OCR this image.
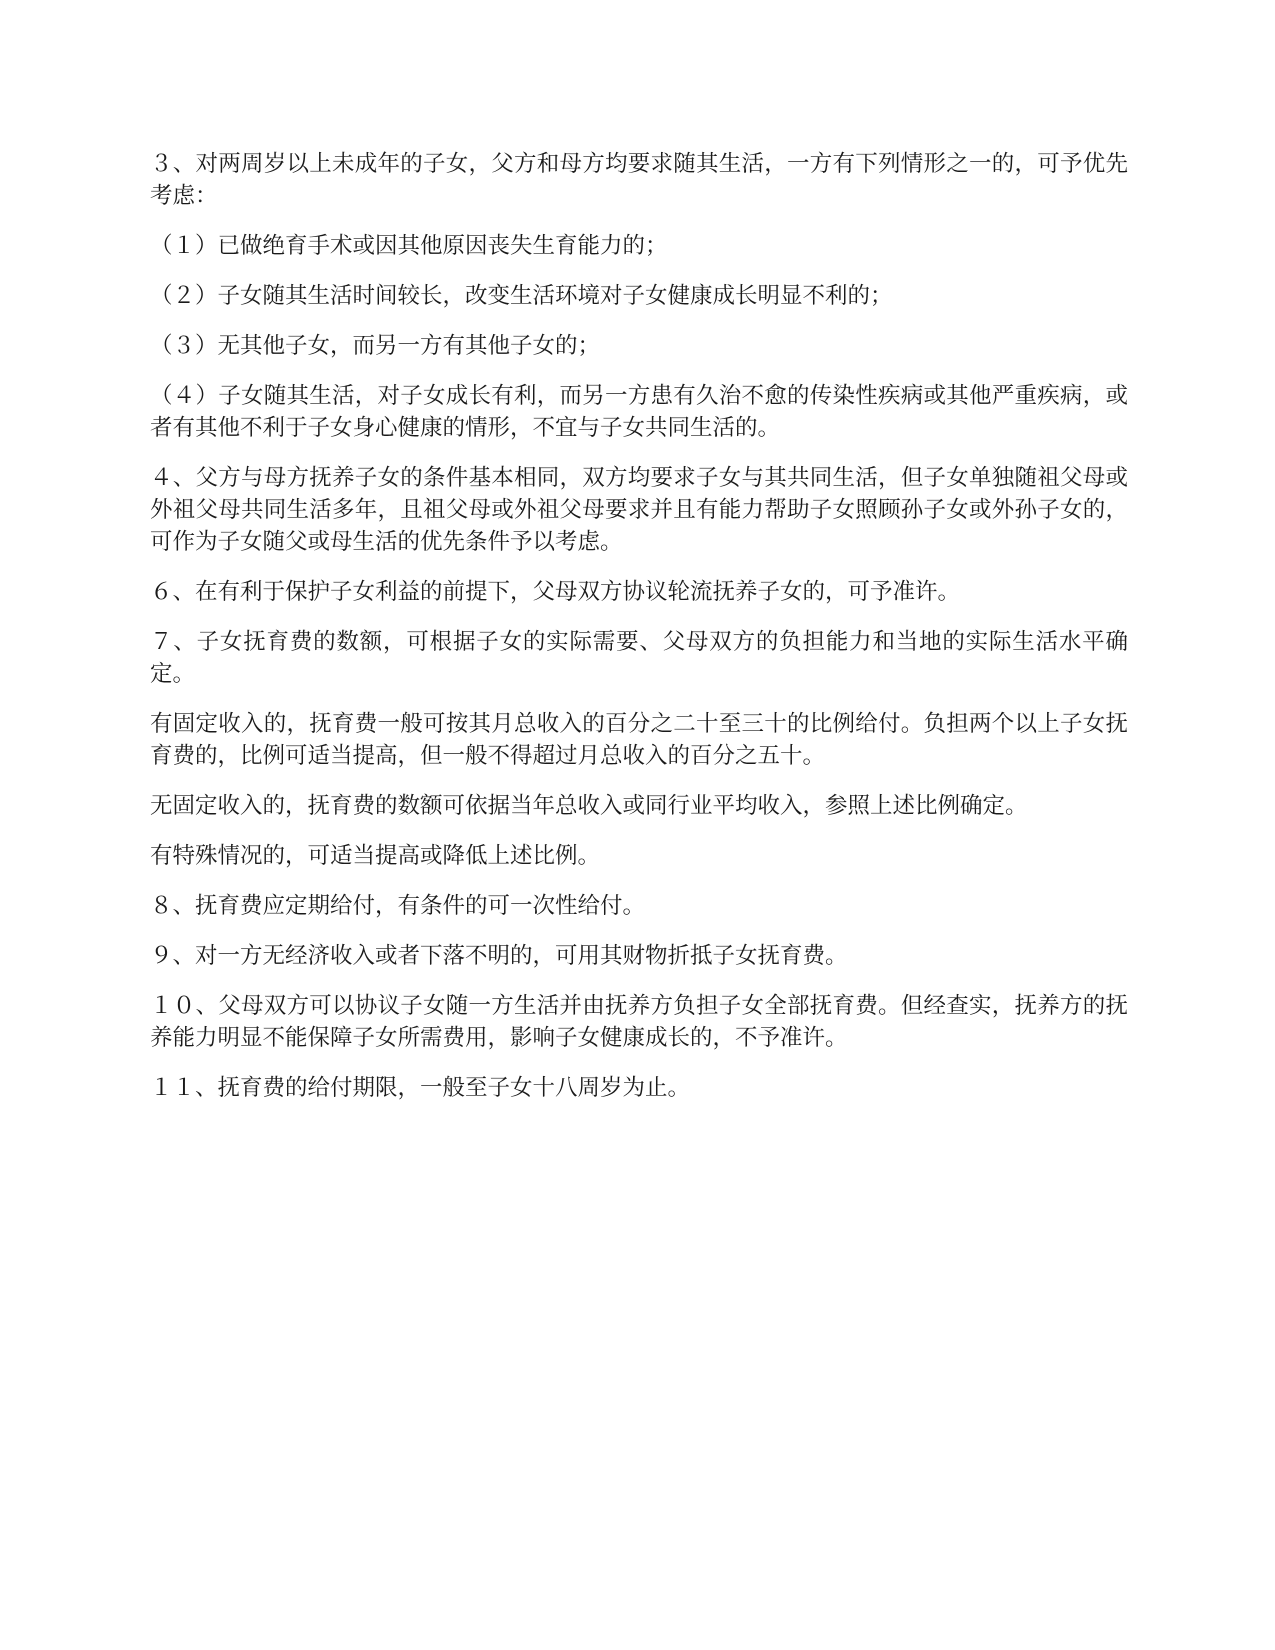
３、对两周岁以上未成年的子女，父方和母方均要求随其生活，一方有下列情形之一的，可予优先考虑：

（１）已做绝育手术或因其他原因丧失生育能力的；

（２）子女随其生活时间较长，改变生活环境对子女健康成长明显不利的；

（３）无其他子女，而另一方有其他子女的；

（４）子女随其生活，对子女成长有利，而另一方患有久治不愈的传染性疾病或其他严重疾病，或者有其他不利于子女身心健康的情形，不宜与子女共同生活的。

４、父方与母方抚养子女的条件基本相同，双方均要求子女与其共同生活，但子女单独随祖父母或外祖父母共同生活多年，且祖父母或外祖父母要求并且有能力帮助子女照顾孙子女或外孙子女的，可作为子女随父或母生活的优先条件予以考虑。

６、在有利于保护子女利益的前提下，父母双方协议轮流抚养子女的，可予准许。

７、子女抚育费的数额，可根据子女的实际需要、父母双方的负担能力和当地的实际生活水平确定。

有固定收入的，抚育费一般可按其月总收入的百分之二十至三十的比例给付。负担两个以上子女抚育费的，比例可适当提高，但一般不得超过月总收入的百分之五十。

无固定收入的，抚育费的数额可依据当年总收入或同行业平均收入，参照上述比例确定。

有特殊情况的，可适当提高或降低上述比例。

８、抚育费应定期给付，有条件的可一次性给付。

９、对一方无经济收入或者下落不明的，可用其财物折抵子女抚育费。

１０、父母双方可以协议子女随一方生活并由抚养方负担子女全部抚育费。但经查实，抚养方的抚养能力明显不能保障子女所需费用，影响子女健康成长的，不予准许。

１１、抚育费的给付期限，一般至子女十八周岁为止。
